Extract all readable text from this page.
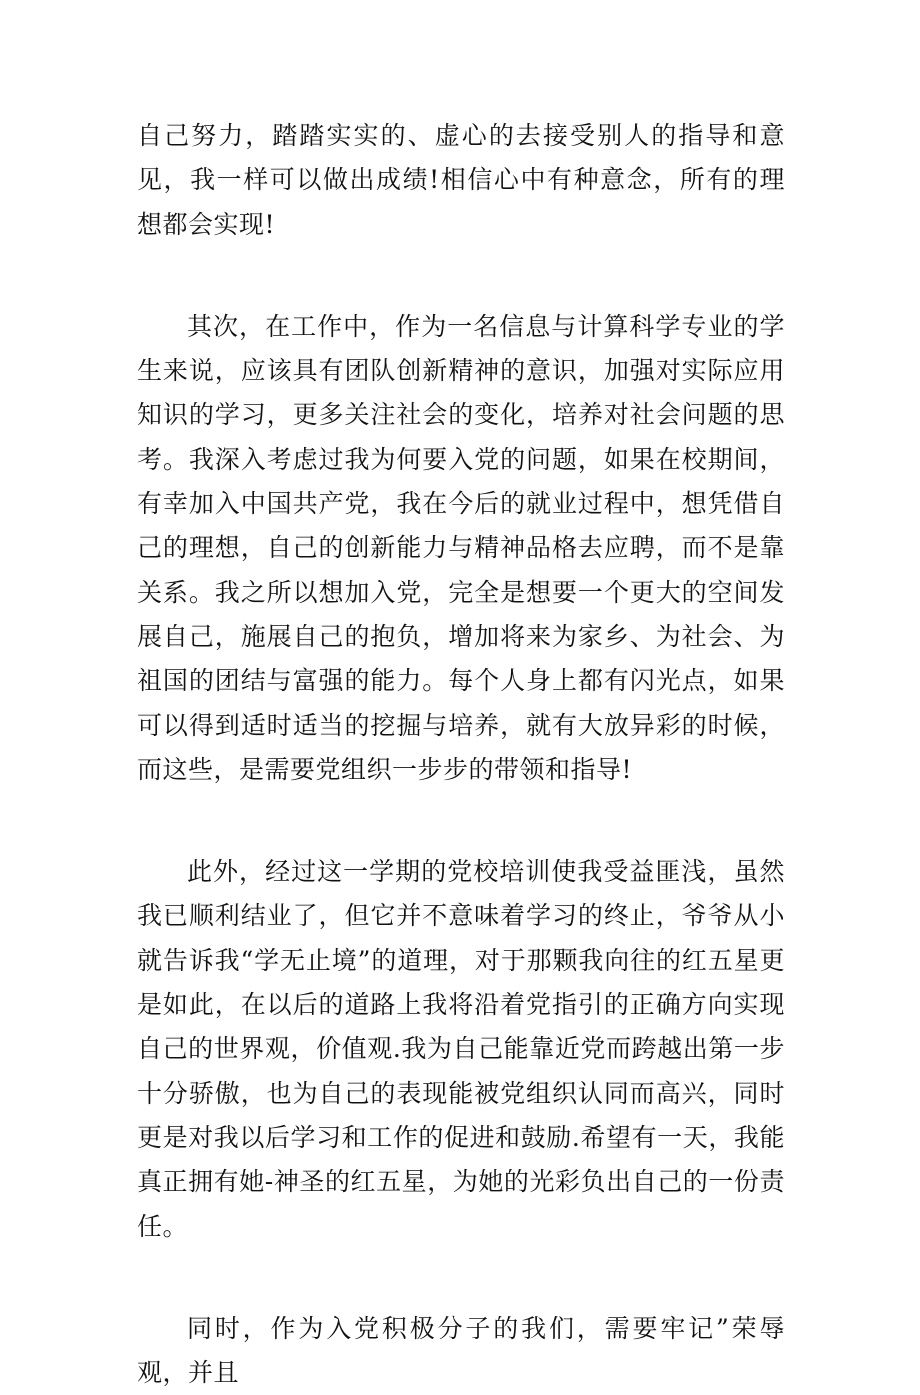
自己努力，踏踏实实的、虚心的去接受别人的指导和意见，我一样可以做出成绩!相信心中有种意念，所有的理想都会实现!

其次，在工作中，作为一名信息与计算科学专业的学生来说，应该具有团队创新精神的意识，加强对实际应用知识的学习，更多关注社会的变化，培养对社会问题的思考。我深入考虑过我为何要入党的问题，如果在校期间，有幸加入中国共产党，我在今后的就业过程中，想凭借自己的理想，自己的创新能力与精神品格去应聘，而不是靠关系。我之所以想加入党，完全是想要一个更大的空间发展自己，施展自己的抱负，增加将来为家乡、为社会、为祖国的团结与富强的能力。每个人身上都有闪光点，如果可以得到适时适当的挖掘与培养，就有大放异彩的时候，而这些，是需要党组织一步步的带领和指导!

此外，经过这一学期的党校培训使我受益匪浅，虽然我已顺利结业了，但它并不意味着学习的终止，爷爷从小就告诉我“学无止境”的道理，对于那颗我向往的红五星更是如此，在以后的道路上我将沿着党指引的正确方向实现自己的世界观，价值观.我为自己能靠近党而跨越出第一步十分骄傲，也为自己的表现能被党组织认同而高兴，同时更是对我以后学习和工作的促进和鼓励.希望有一天，我能真正拥有她-神圣的红五星，为她的光彩负出自己的一份责任。

同时，作为入党积极分子的我们，需要牢记”荣辱观，并且
